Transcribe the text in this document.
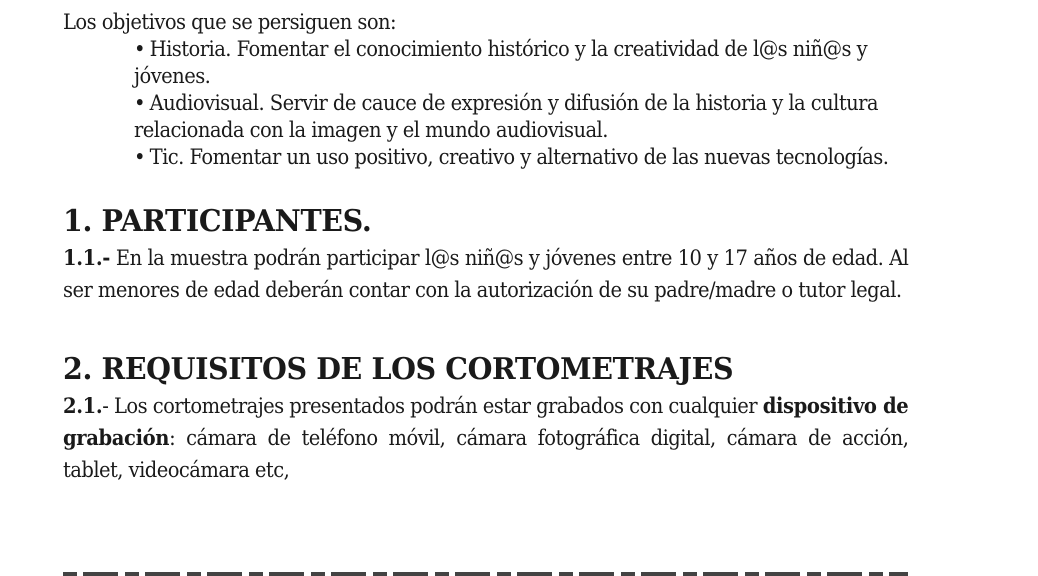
Los objetivos que se persiguen son:
• Historia. Fomentar el conocimiento histórico y la creatividad de l@s niñ@s y jóvenes.
• Audiovisual. Servir de cauce de expresión y difusión de la historia y la cultura relacionada con la imagen y el mundo audiovisual.
• Tic. Fomentar un uso positivo, creativo y alternativo de las nuevas tecnologías.
1. PARTICIPANTES.
1.1.- En la muestra podrán participar l@s niñ@s y jóvenes entre 10 y 17 años de edad. Al ser menores de edad deberán contar con la autorización de su padre/madre o tutor legal.
2. REQUISITOS DE LOS CORTOMETRAJES
2.1.- Los cortometrajes presentados podrán estar grabados con cualquier dispositivo de grabación: cámara de teléfono móvil, cámara fotográfica digital, cámara de acción, tablet, videocámara etc,
